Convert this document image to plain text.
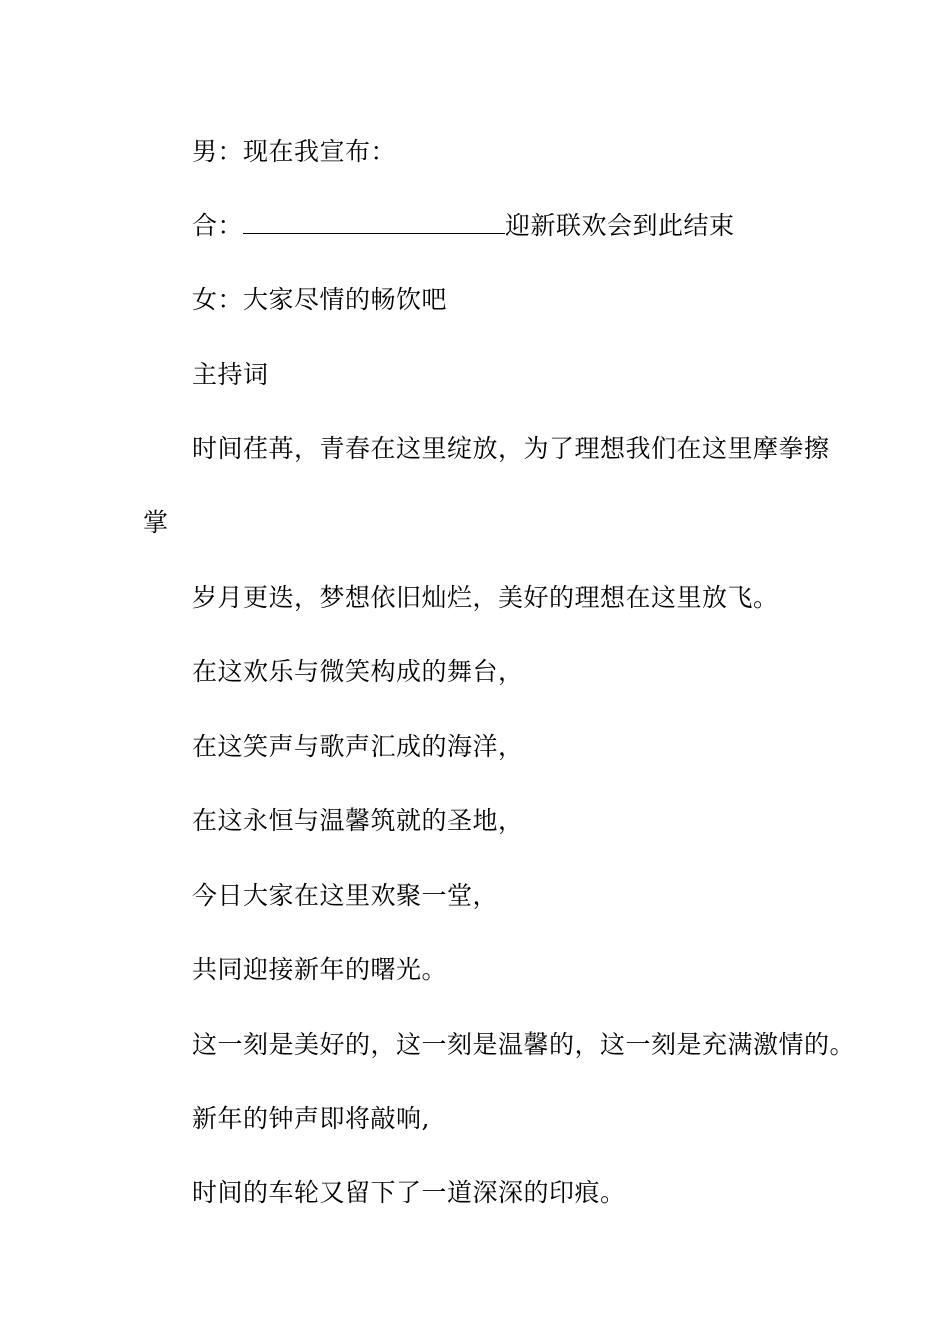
男：现在我宣布：
合：	迎新联欢会到此结束
女：大家尽情的畅饮吧
主持词
时间荏苒，青春在这里绽放，为了理想我们在这里摩拳擦
掌
岁月更迭，梦想依旧灿烂，美好的理想在这里放飞。
在这欢乐与微笑构成的舞台，
在这笑声与歌声汇成的海洋，
在这永恒与温馨筑就的圣地，
今日大家在这里欢聚一堂，
共同迎接新年的曙光。
这一刻是美好的，这一刻是温馨的，这一刻是充满激情的。
新年的钟声即将敲响,
时间的车轮又留下了一道深深的印痕。
